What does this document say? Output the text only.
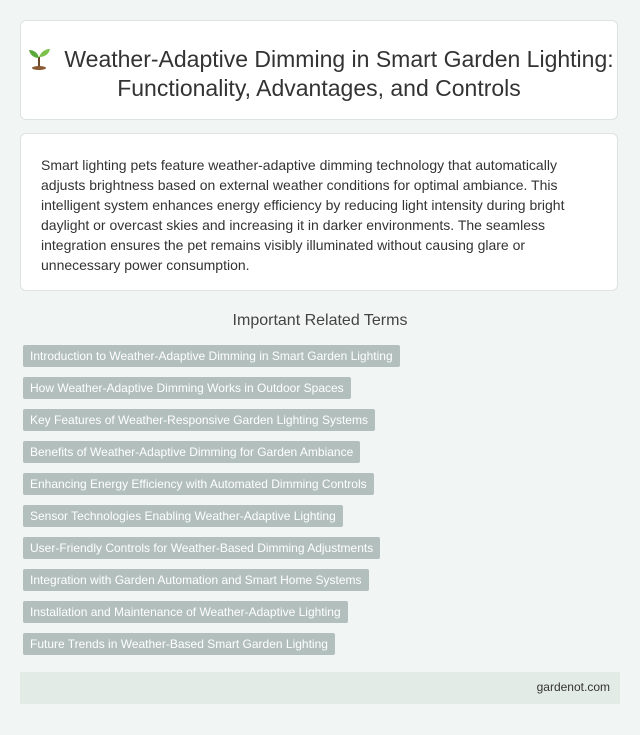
Weather-Adaptive Dimming in Smart Garden Lighting: Functionality, Advantages, and Controls

Smart lighting pets feature weather-adaptive dimming technology that automatically adjusts brightness based on external weather conditions for optimal ambiance. This intelligent system enhances energy efficiency by reducing light intensity during bright daylight or overcast skies and increasing it in darker environments. The seamless integration ensures the pet remains visibly illuminated without causing glare or unnecessary power consumption.

Important Related Terms
Introduction to Weather-Adaptive Dimming in Smart Garden Lighting
How Weather-Adaptive Dimming Works in Outdoor Spaces
Key Features of Weather-Responsive Garden Lighting Systems
Benefits of Weather-Adaptive Dimming for Garden Ambiance
Enhancing Energy Efficiency with Automated Dimming Controls
Sensor Technologies Enabling Weather-Adaptive Lighting
User-Friendly Controls for Weather-Based Dimming Adjustments
Integration with Garden Automation and Smart Home Systems
Installation and Maintenance of Weather-Adaptive Lighting
Future Trends in Weather-Based Smart Garden Lighting
gardenot.com
